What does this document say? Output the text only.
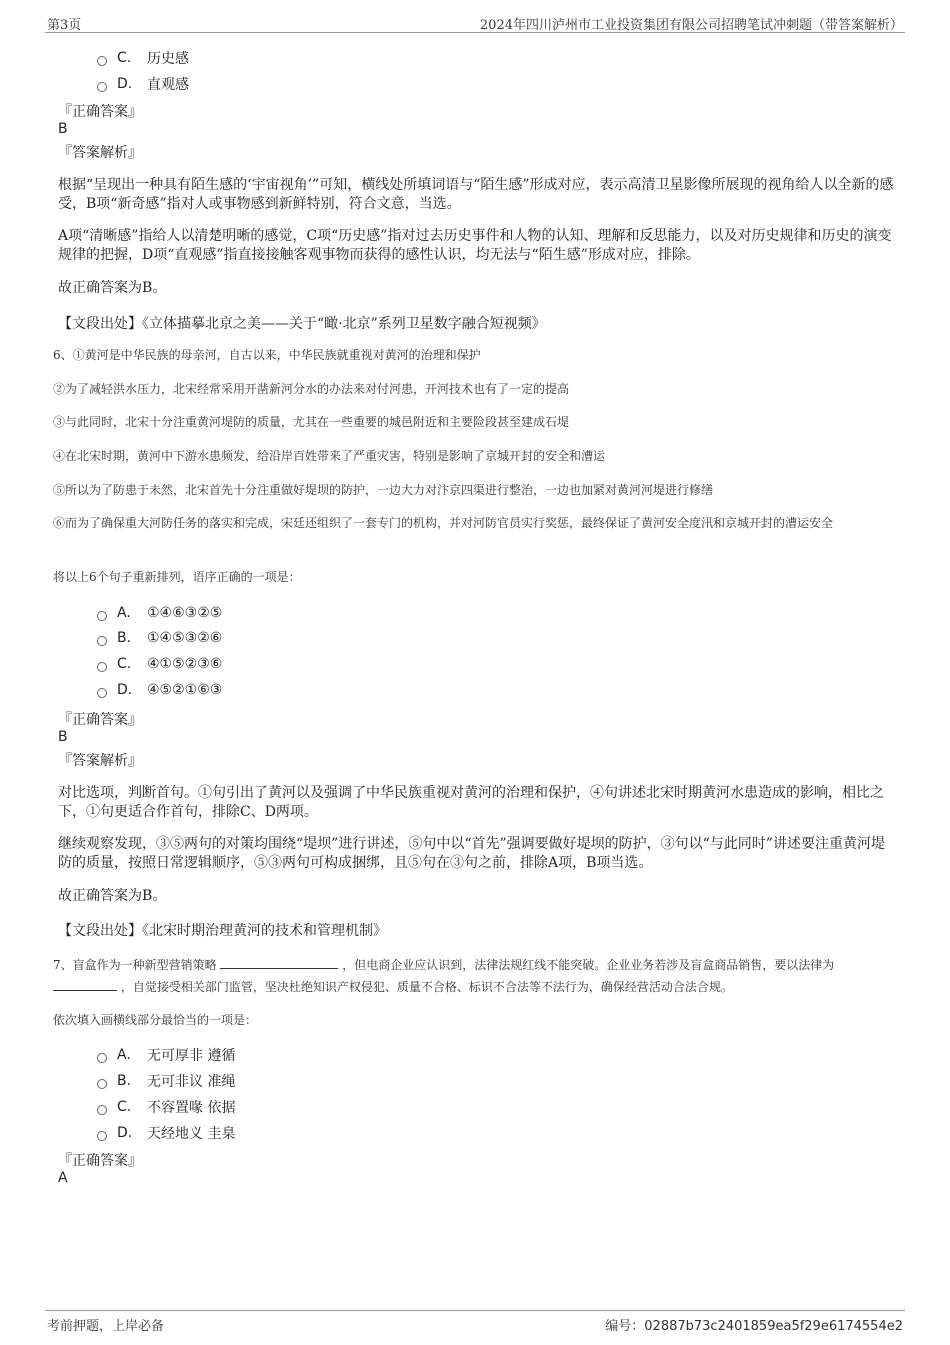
第3页	2024年四川泸州市工业投资集团有限公司招聘笔试冲刺题（带答案解析）
C.	历史感
D.	直观感
『正确答案』
B
『答案解析』
根据“呈现出一种具有陌生感的‘宇宙视角’”可知，横线处所填词语与“陌生感”形成对应，表示高清卫星影像所展现的视角给人以全新的感受，B项“新奇感”指对人或事物感到新鲜特别，符合文意，当选。
A项“清晰感”指给人以清楚明晰的感觉，C项“历史感”指对过去历史事件和人物的认知、理解和反思能力，以及对历史规律和历史的演变规律的把握，D项“直观感”指直接接触客观事物而获得的感性认识，均无法与“陌生感”形成对应，排除。
故正确答案为B。
【文段出处】《立体描摹北京之美——关于“瞰·北京”系列卫星数字融合短视频》
6、①黄河是中华民族的母亲河，自古以来，中华民族就重视对黄河的治理和保护
②为了减轻洪水压力，北宋经常采用开凿新河分水的办法来对付河患，开河技术也有了一定的提高
③与此同时，北宋十分注重黄河堤防的质量，尤其在一些重要的城邑附近和主要险段甚至建成石堤
④在北宋时期，黄河中下游水患频发，给沿岸百姓带来了严重灾害，特别是影响了京城开封的安全和漕运
⑤所以为了防患于未然，北宋首先十分注重做好堤坝的防护，一边大力对汴京四渠进行整治，一边也加紧对黄河河堤进行修缮
⑥而为了确保重大河防任务的落实和完成，宋廷还组织了一套专门的机构，并对河防官员实行奖惩，最终保证了黄河安全度汛和京城开封的漕运安全
将以上6个句子重新排列，语序正确的一项是：
A.	①④⑥③②⑤
B.	①④⑤③②⑥
C.	④①⑤②③⑥
D.	④⑤②①⑥③
『正确答案』
B
『答案解析』
对比选项，判断首句。①句引出了黄河以及强调了中华民族重视对黄河的治理和保护，④句讲述北宋时期黄河水患造成的影响，相比之下，①句更适合作首句，排除C、D两项。
继续观察发现，③⑤两句的对策均围绕“堤坝”进行讲述，⑤句中以“首先”强调要做好堤坝的防护，③句以“与此同时”讲述要注重黄河堤防的质量，按照日常逻辑顺序，⑤③两句可构成捆绑，且⑤句在③句之前，排除A项，B项当选。
故正确答案为B。
【文段出处】《北宋时期治理黄河的技术和管理机制》
7、盲盒作为一种新型营销策略	，但电商企业应认识到，法律法规红线不能突破。企业业务若涉及盲盒商品销售，要以法律为  ，自觉接受相关部门监管，坚决杜绝知识产权侵犯、质量不合格、标识不合法等不法行为，确保经营活动合法合规。
依次填入画横线部分最恰当的一项是：
A.	无可厚非 遵循
B.	无可非议 准绳
C.	不容置喙 依据
D.	天经地义 圭臬
『正确答案』
A
考前押题，上岸必备	编号：02887b73c2401859ea5f29e6174554e2
